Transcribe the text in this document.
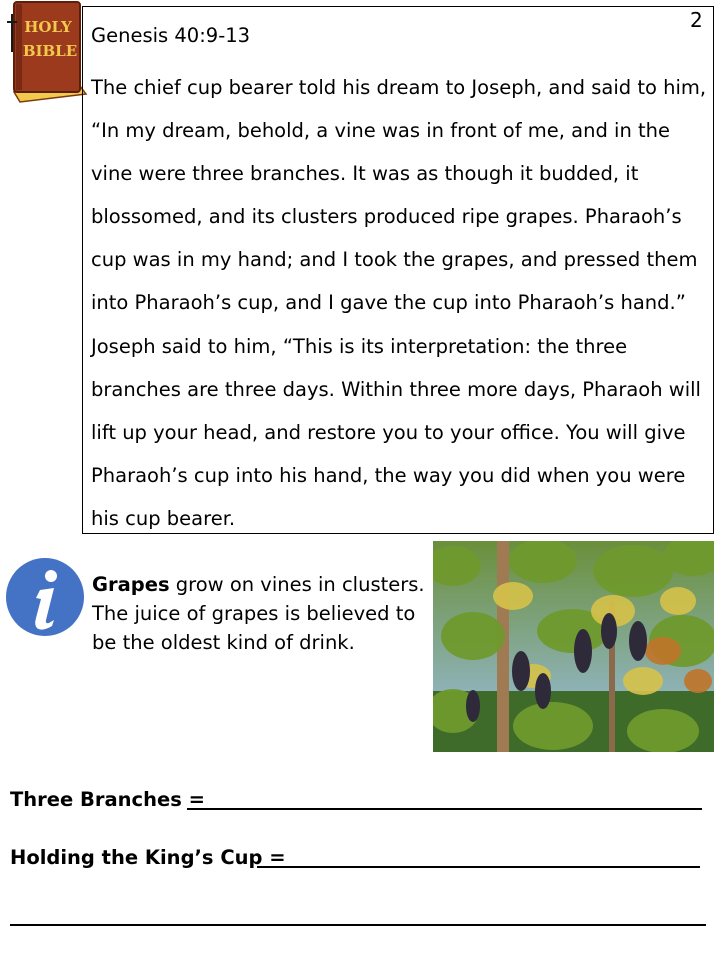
2
HOLY
BIBLE
Genesis 40:9-13
The chief cup bearer told his dream to Joseph, and said to him,
“In my dream, behold, a vine was in front of me, and in the
vine were three branches. It was as though it budded, it
blossomed, and its clusters produced ripe grapes. Pharaoh’s
cup was in my hand; and I took the grapes, and pressed them
into Pharaoh’s cup, and I gave the cup into Pharaoh’s hand.”
Joseph said to him, “This is its interpretation: the three
branches are three days. Within three more days, Pharaoh will
lift up your head, and restore you to your office. You will give
Pharaoh’s cup into his hand, the way you did when you were
his cup bearer.
Grapes grow on vines in clusters.
The juice of grapes is believed to
be the oldest kind of drink.
Three Branches =
Holding the King’s Cup =
